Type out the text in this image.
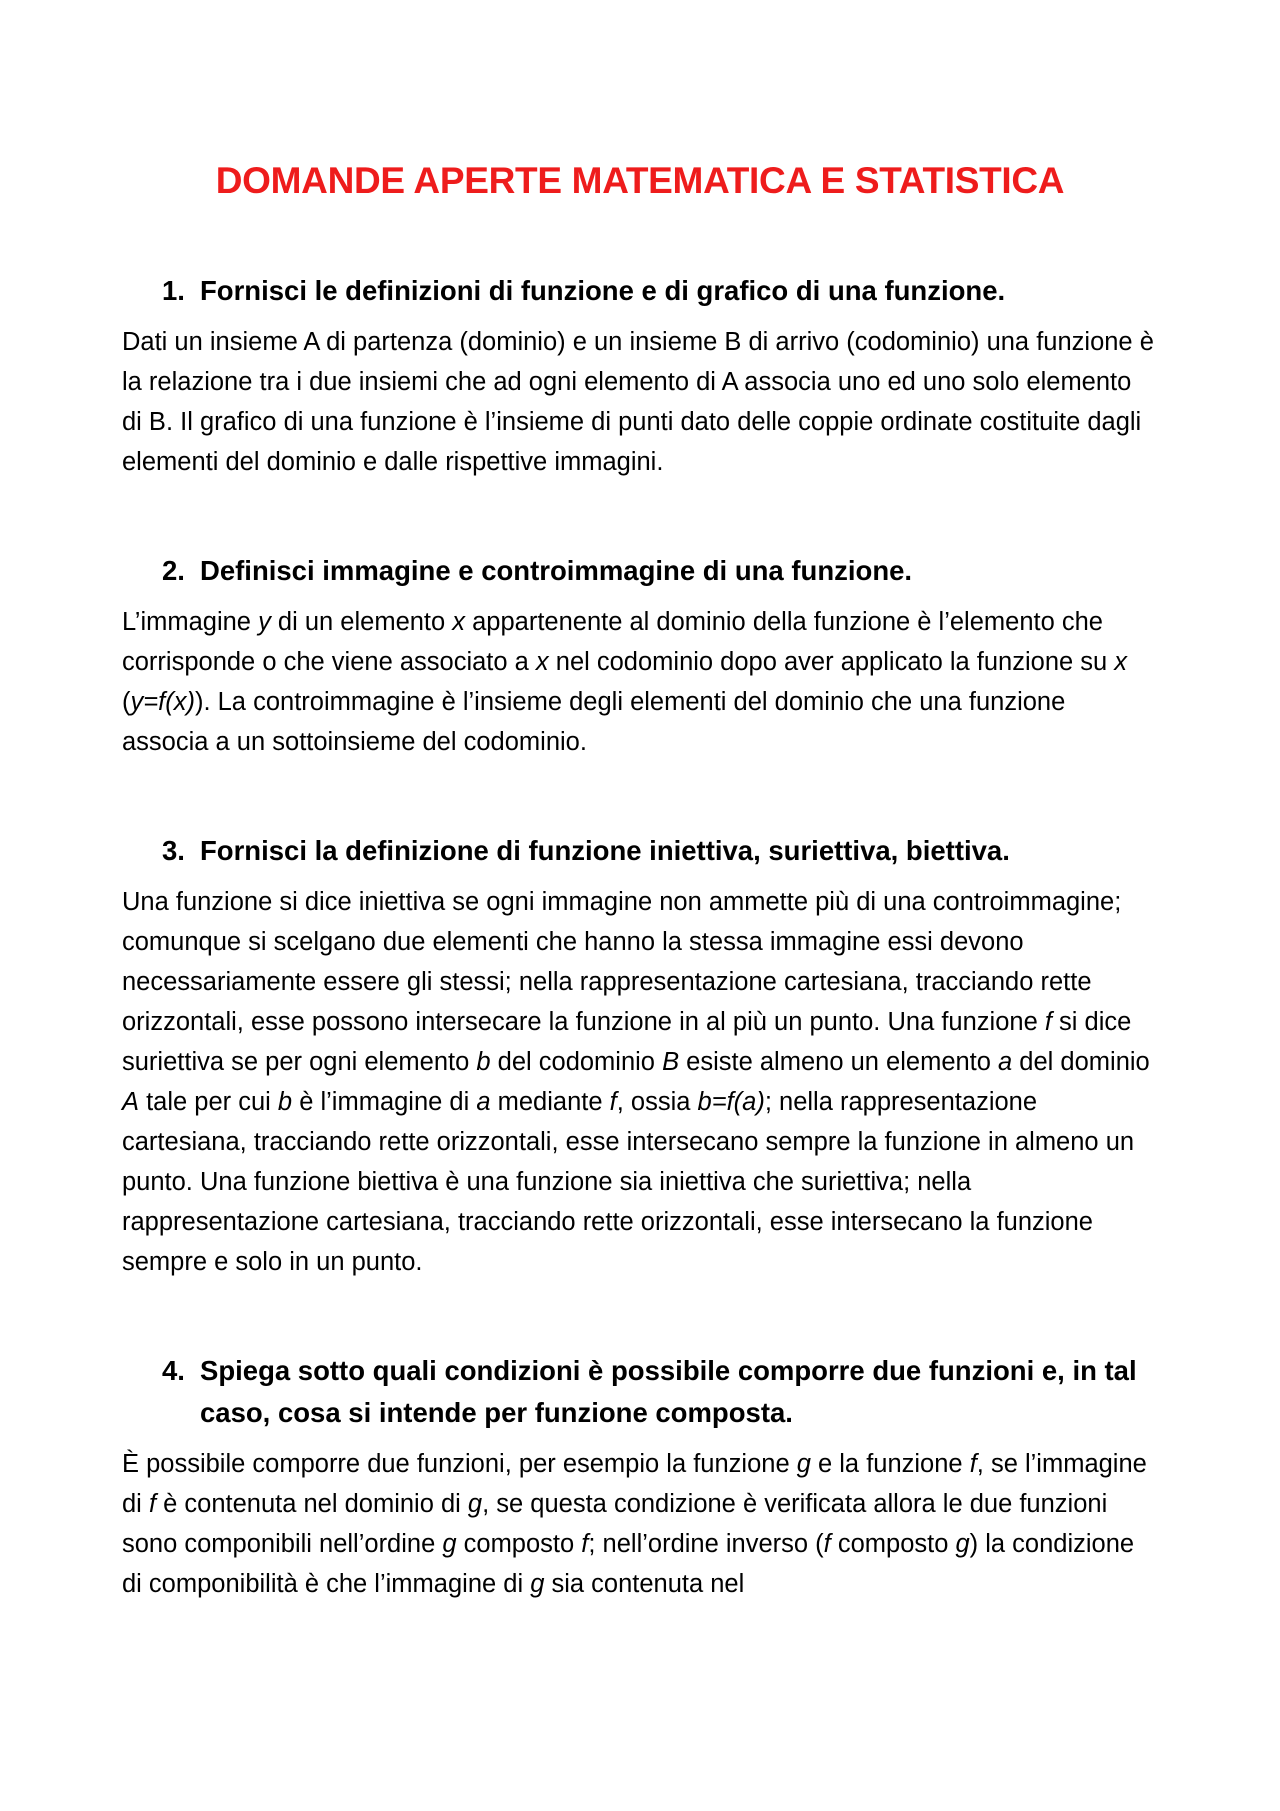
DOMANDE APERTE MATEMATICA E STATISTICA
1. Fornisci le definizioni di funzione e di grafico di una funzione.

Dati un insieme A di partenza (dominio) e un insieme B di arrivo (codominio) una funzione è la relazione tra i due insiemi che ad ogni elemento di A associa uno ed uno solo elemento di B. Il grafico di una funzione è l’insieme di punti dato delle coppie ordinate costituite dagli elementi del dominio e dalle rispettive immagini.

2. Definisci immagine e controimmagine di una funzione.

L’immagine y di un elemento x appartenente al dominio della funzione è l’elemento che corrisponde o che viene associato a x nel codominio dopo aver applicato la funzione su x (y=f(x)). La controimmagine è l’insieme degli elementi del dominio che una funzione associa a un sottoinsieme del codominio.

3. Fornisci la definizione di funzione iniettiva, suriettiva, biettiva.

Una funzione si dice iniettiva se ogni immagine non ammette più di una controimmagine; comunque si scelgano due elementi che hanno la stessa immagine essi devono necessariamente essere gli stessi; nella rappresentazione cartesiana, tracciando rette orizzontali, esse possono intersecare la funzione in al più un punto. Una funzione f si dice suriettiva se per ogni elemento b del codominio B esiste almeno un elemento a del dominio A tale per cui b è l’immagine di a mediante f, ossia b=f(a); nella rappresentazione cartesiana, tracciando rette orizzontali, esse intersecano sempre la funzione in almeno un punto. Una funzione biettiva è una funzione sia iniettiva che suriettiva; nella rappresentazione cartesiana, tracciando rette orizzontali, esse intersecano la funzione sempre e solo in un punto.

4. Spiega sotto quali condizioni è possibile comporre due funzioni e, in tal caso, cosa si intende per funzione composta.

È possibile comporre due funzioni, per esempio la funzione g e la funzione f, se l’immagine di f è contenuta nel dominio di g, se questa condizione è verificata allora le due funzioni sono componibili nell’ordine g composto f; nell’ordine inverso (f composto g) la condizione di componibilità è che l’immagine di g sia contenuta nel
